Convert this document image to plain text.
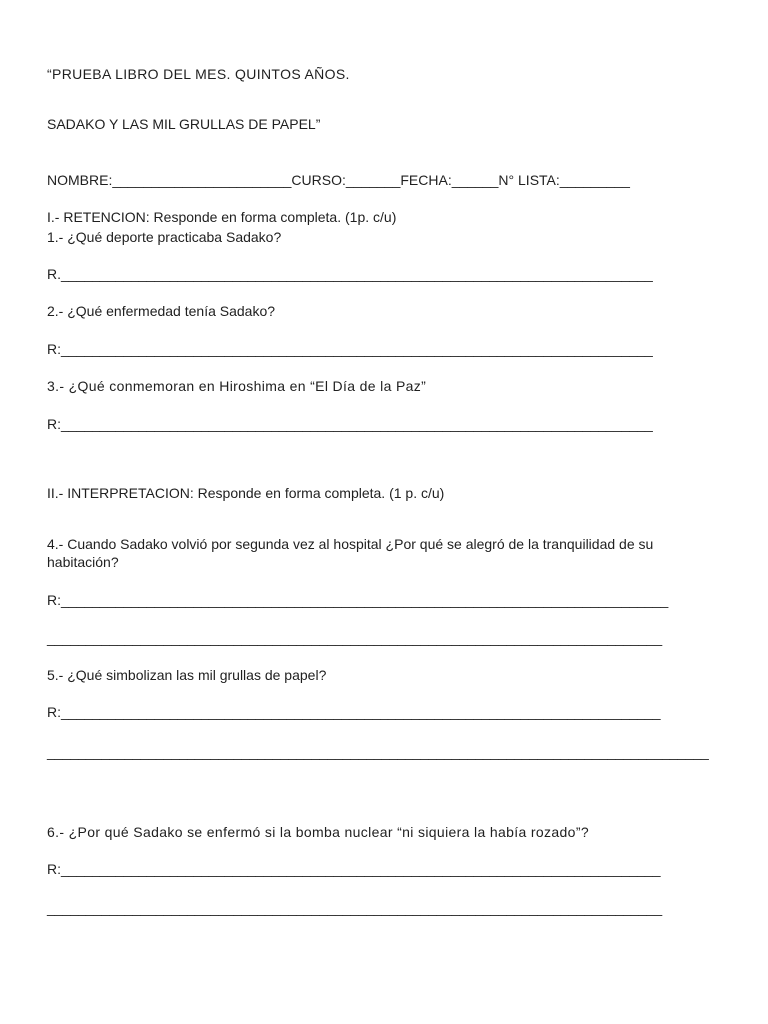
“PRUEBA LIBRO DEL MES. QUINTOS AÑOS.
SADAKO Y LAS MIL GRULLAS DE PAPEL”
NOMBRE:_______________________CURSO:_______FECHA:______N° LISTA:_________
I.- RETENCION: Responde en forma completa. (1p. c/u)
1.- ¿Qué deporte practicaba Sadako?
R.____________________________________________________________________________
2.- ¿Qué enfermedad tenía Sadako?
R:____________________________________________________________________________
3.- ¿Qué conmemoran en Hiroshima en “El Día de la Paz”
R:____________________________________________________________________________
II.- INTERPRETACION: Responde en forma completa. (1 p. c/u)
4.- Cuando Sadako volvió por segunda vez al hospital ¿Por qué se alegró de la tranquilidad de su habitación?
R:______________________________________________________________________________
_______________________________________________________________________________
5.- ¿Qué simbolizan las mil grullas de papel?
R:_____________________________________________________________________________
_____________________________________________________________________________________
6.- ¿Por qué Sadako se enfermó si la bomba nuclear “ni siquiera la había rozado”?
R:_____________________________________________________________________________
_______________________________________________________________________________
